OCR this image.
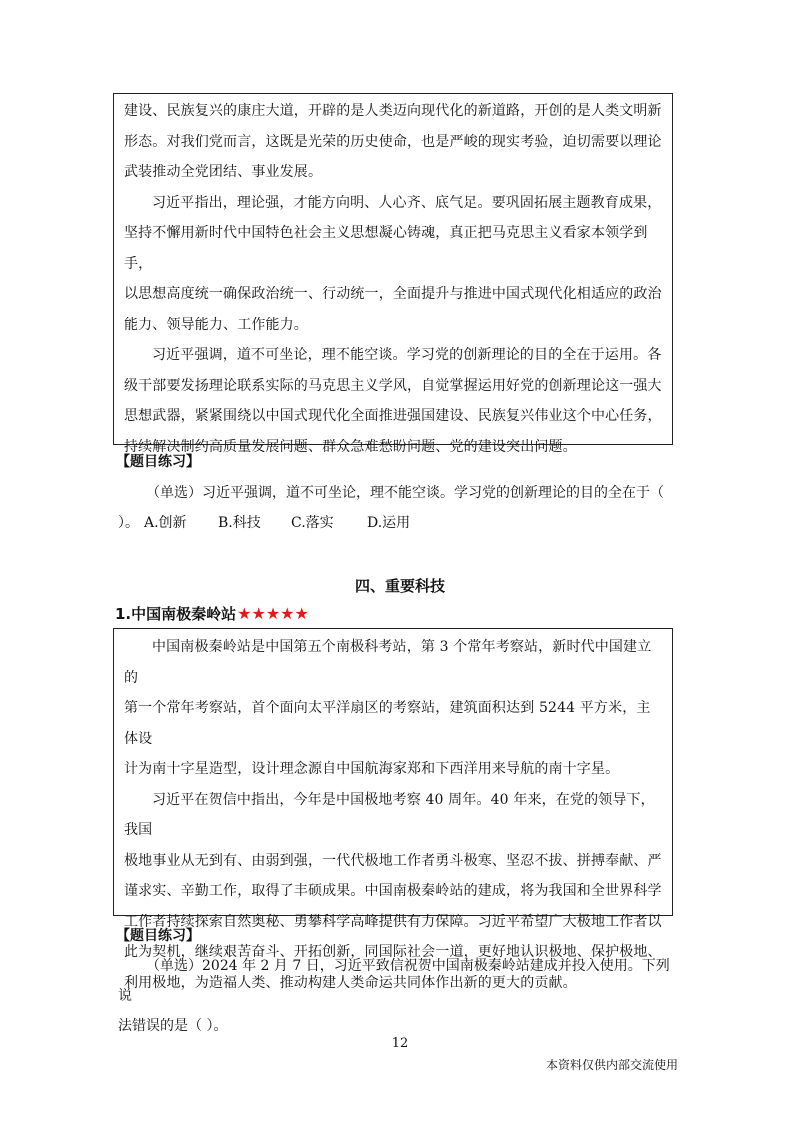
建设、民族复兴的康庄大道，开辟的是人类迈向现代化的新道路，开创的是人类文明新
形态。对我们党而言，这既是光荣的历史使命，也是严峻的现实考验，迫切需要以理论
武装推动全党团结、事业发展。

习近平指出，理论强，才能方向明、人心齐、底气足。要巩固拓展主题教育成果，
坚持不懈用新时代中国特色社会主义思想凝心铸魂，真正把马克思主义看家本领学到手，
以思想高度统一确保政治统一、行动统一，全面提升与推进中国式现代化相适应的政治
能力、领导能力、工作能力。

习近平强调，道不可坐论，理不能空谈。学习党的创新理论的目的全在于运用。各
级干部要发扬理论联系实际的马克思主义学风，自觉掌握运用好党的创新理论这一强大
思想武器，紧紧围绕以中国式现代化全面推进强国建设、民族复兴伟业这个中心任务，
持续解决制约高质量发展问题、群众急难愁盼问题、党的建设突出问题。

【题目练习】

（单选）习近平强调，道不可坐论，理不能空谈。学习党的创新理论的目的全在于（ ）。 A.创新	B.科技	C.落实	D.运用
四、重要科技
1.中国南极秦岭站★★★★★

中国南极秦岭站是中国第五个南极科考站，第 3 个常年考察站，新时代中国建立的
第一个常年考察站，首个面向太平洋扇区的考察站，建筑面积达到 5244 平方米，主体设
计为南十字星造型，设计理念源自中国航海家郑和下西洋用来导航的南十字星。

习近平在贺信中指出，今年是中国极地考察 40 周年。40 年来，在党的领导下，我国
极地事业从无到有、由弱到强，一代代极地工作者勇斗极寒、坚忍不拔、拼搏奉献、严
谨求实、辛勤工作，取得了丰硕成果。中国南极秦岭站的建成，将为我国和全世界科学
工作者持续探索自然奥秘、勇攀科学高峰提供有力保障。习近平希望广大极地工作者以
此为契机，继续艰苦奋斗、开拓创新，同国际社会一道，更好地认识极地、保护极地、
利用极地，为造福人类、推动构建人类命运共同体作出新的更大的贡献。

【题目练习】

（单选）2024 年 2 月 7 日，习近平致信祝贺中国南极秦岭站建成并投入使用。下列说
法错误的是（ ）。

12
本资料仅供内部交流使用
